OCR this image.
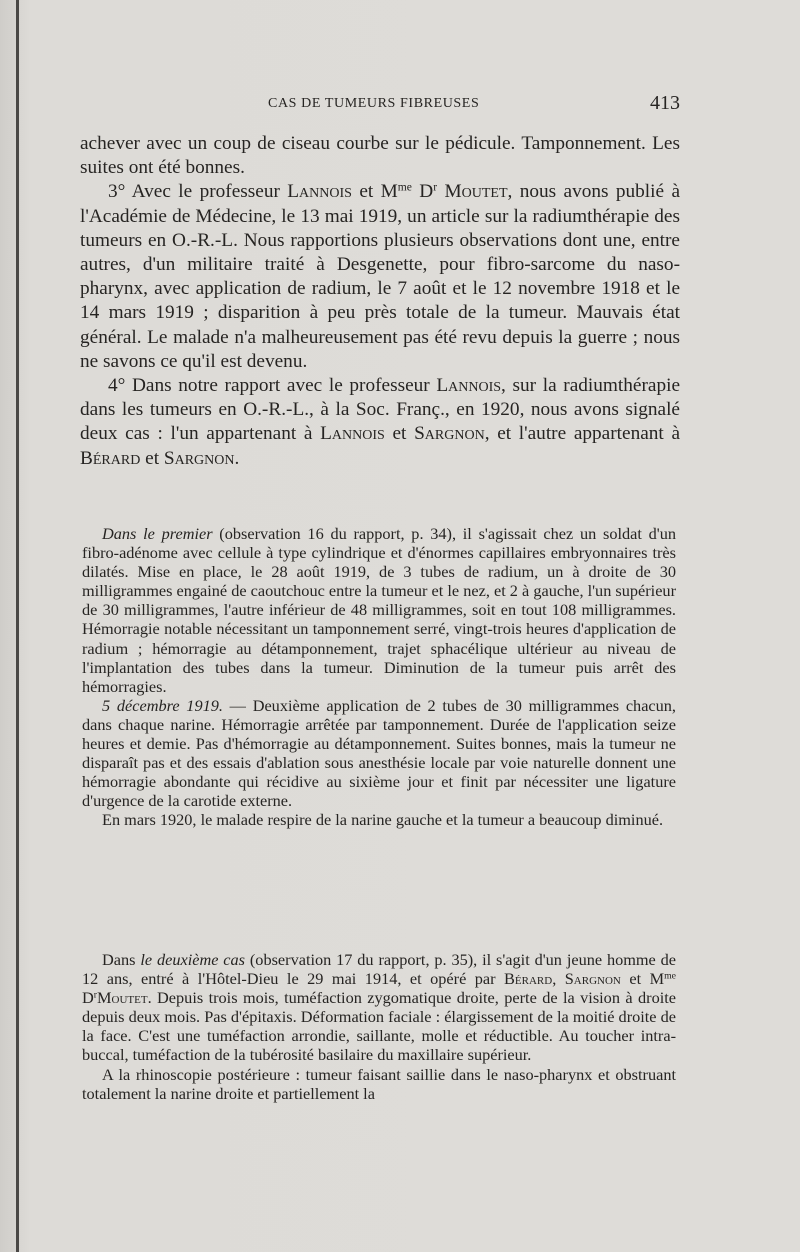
CAS DE TUMEURS FIBREUSES	413

achever avec un coup de ciseau courbe sur le pédicule. Tamponnement. Les suites ont été bonnes.

3° Avec le professeur Lannois et $M^{me}$ $D^r$ Moutet, nous avons publié à l'Académie de Médecine, le 13 mai 1919, un article sur la radiumthérapie des tumeurs en O.-R.-L. Nous rapportions plusieurs observations dont une, entre autres, d'un militaire traité à Desgenette, pour fibro-sarcome du naso-pharynx, avec application de radium, le 7 août et le 12 novembre 1918 et le 14 mars 1919 ; disparition à peu près totale de la tumeur. Mauvais état général. Le malade n'a malheureusement pas été revu depuis la guerre ; nous ne savons ce qu'il est devenu.

4° Dans notre rapport avec le professeur Lannois, sur la radiumthérapie dans les tumeurs en O.-R.-L., à la Soc. Franç., en 1920, nous avons signalé deux cas : l'un appartenant à Lannois et Sargnon, et l'autre appartenant à Bérard et Sargnon.

Dans le premier (observation 16 du rapport, p. 34), il s'agissait chez un soldat d'un fibro-adénome avec cellule à type cylindrique et d'énormes capillaires embryonnaires très dilatés. Mise en place, le 28 août 1919, de 3 tubes de radium, un à droite de 30 milligrammes engainé de caoutchouc entre la tumeur et le nez, et 2 à gauche, l'un supérieur de 30 milligrammes, l'autre inférieur de 48 milligrammes, soit en tout 108 milligrammes. Hémorragie notable nécessitant un tamponnement serré, vingt-trois heures d'application de radium ; hémorragie au détamponnement, trajet sphacélique ultérieur au niveau de l'implantation des tubes dans la tumeur. Diminution de la tumeur puis arrêt des hémorragies.

5 décembre 1919. — Deuxième application de 2 tubes de 30 milligrammes chacun, dans chaque narine. Hémorragie arrêtée par tamponnement. Durée de l'application seize heures et demie. Pas d'hémorragie au détamponnement. Suites bonnes, mais la tumeur ne disparaît pas et des essais d'ablation sous anesthésie locale par voie naturelle donnent une hémorragie abondante qui récidive au sixième jour et finit par nécessiter une ligature d'urgence de la carotide externe.

En mars 1920, le malade respire de la narine gauche et la tumeur a beaucoup diminué.

Dans le deuxième cas (observation 17 du rapport, p. 35), il s'agit d'un jeune homme de 12 ans, entré à l'Hôtel-Dieu le 29 mai 1914, et opéré par Bérard, Sargnon et $M^{me}$ $D^rMoutet$. Depuis trois mois, tuméfaction zygomatique droite, perte de la vision à droite depuis deux mois. Pas d'épitaxis. Déformation faciale : élargissement de la moitié droite de la face. C'est une tuméfaction arrondie, saillante, molle et réductible. Au toucher intra-buccal, tuméfaction de la tubérosité basilaire du maxillaire supérieur.

A la rhinoscopie postérieure : tumeur faisant saillie dans le naso-pharynx et obstruant totalement la narine droite et partiellement la
